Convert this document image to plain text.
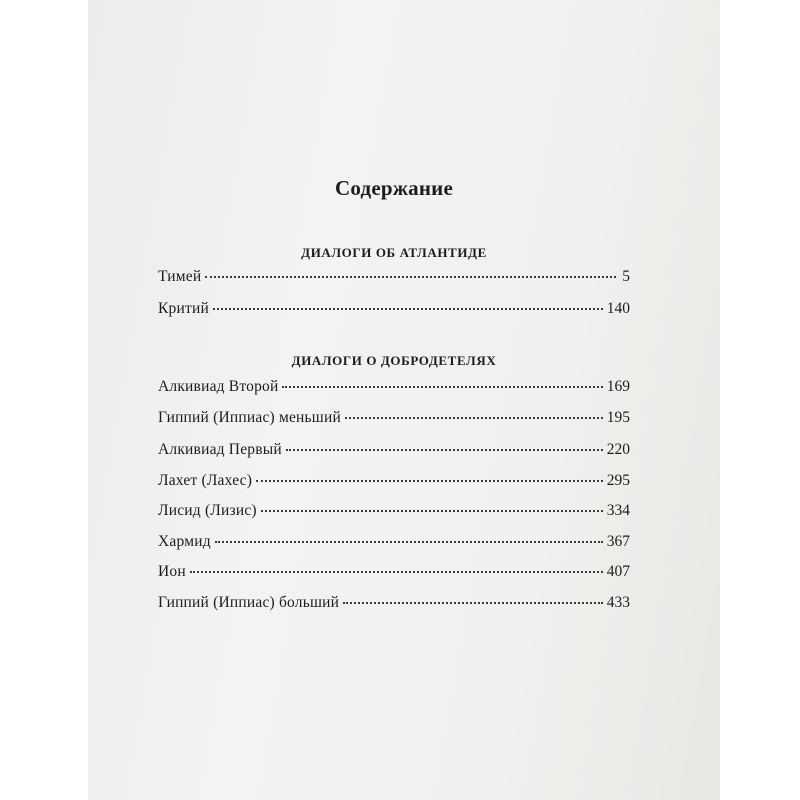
Содержание
ДИАЛОГИ ОБ АТЛАНТИДЕ
Тимей	5
Критий	140
ДИАЛОГИ О ДОБРОДЕТЕЛЯХ
Алкивиад Второй	169
Гиппий (Иппиас) меньший	195
Алкивиад Первый	220
Лахет (Лахес)	295
Лисид (Лизис)	334
Хармид	367
Ион	407
Гиппий (Иппиас) больший	433
